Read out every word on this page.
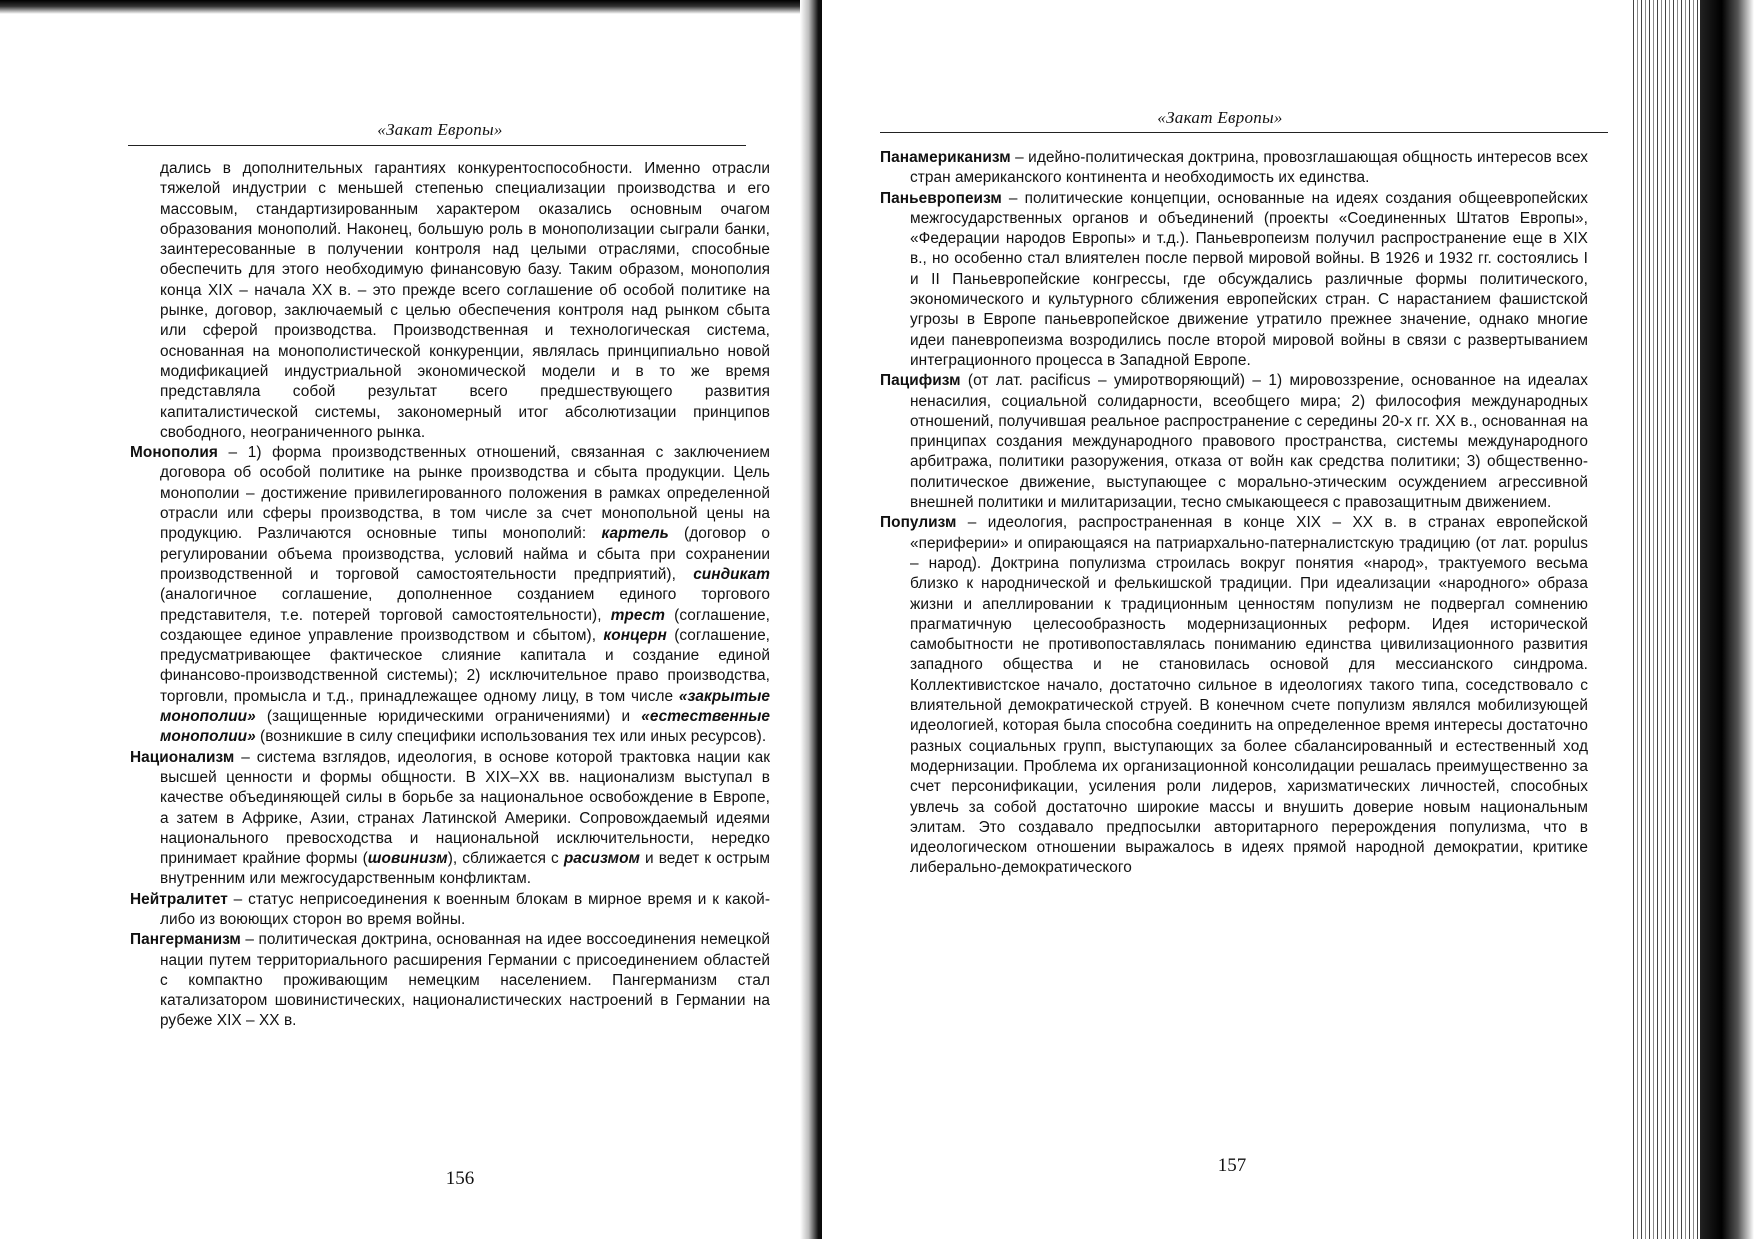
«Закат Европы»

дались в дополнительных гарантиях конкурентоспособности. Именно отрасли тяжелой индустрии с меньшей степенью специализации производства и его массовым, стандартизированным характером оказались основным очагом образования монополий. Наконец, большую роль в монополизации сыграли банки, заинтересованные в получении контроля над целыми отраслями, способные обеспечить для этого необходимую финансовую базу. Таким образом, монополия конца XIX – начала XX в. – это прежде всего соглашение об особой политике на рынке, договор, заключаемый с целью обеспечения контроля над рынком сбыта или сферой производства. Производственная и технологическая система, основанная на монополистической конкуренции, являлась принципиально новой модификацией индустриальной экономической модели и в то же время представляла собой результат всего предшествующего развития капиталистической системы, закономерный итог абсолютизации принципов свободного, неограниченного рынка.

Монополия – 1) форма производственных отношений, связанная с заключением договора об особой политике на рынке производства и сбыта продукции. Цель монополии – достижение привилегированного положения в рамках определенной отрасли или сферы производства, в том числе за счет монопольной цены на продукцию. Различаются основные типы монополий: картель (договор о регулировании объема производства, условий найма и сбыта при сохранении производственной и торговой самостоятельности предприятий), синдикат (аналогичное соглашение, дополненное созданием единого торгового представителя, т.е. потерей торговой самостоятельности), трест (соглашение, создающее единое управление производством и сбытом), концерн (соглашение, предусматривающее фактическое слияние капитала и создание единой финансово-производственной системы); 2) исключительное право производства, торговли, промысла и т.д., принадлежащее одному лицу, в том числе «закрытые монополии» (защищенные юридическими ограничениями) и «естественные монополии» (возникшие в силу специфики использования тех или иных ресурсов).

Национализм – система взглядов, идеология, в основе которой трактовка нации как высшей ценности и формы общности. В XIX–XX вв. национализм выступал в качестве объединяющей силы в борьбе за национальное освобождение в Европе, а затем в Африке, Азии, странах Латинской Америки. Сопровождаемый идеями национального превосходства и национальной исключительности, нередко принимает крайние формы (шовинизм), сближается с расизмом и ведет к острым внутренним или межгосударственным конфликтам.

Нейтралитет – статус неприсоединения к военным блокам в мирное время и к какой-либо из воюющих сторон во время войны.

Пангерманизм – политическая доктрина, основанная на идее воссоединения немецкой нации путем территориального расширения Германии с присоединением областей с компактно проживающим немецким населением. Пангерманизм стал катализатором шовинистических, националистических настроений в Германии на рубеже XIX – XX в.

156
«Закат Европы»

Панамериканизм – идейно-политическая доктрина, провозглашающая общность интересов всех стран американского континента и необходимость их единства.

Паньевропеизм – политические концепции, основанные на идеях создания общеевропейских межгосударственных органов и объединений (проекты «Соединенных Штатов Европы», «Федерации народов Европы» и т.д.). Паньевропеизм получил распространение еще в XIX в., но особенно стал влиятелен после первой мировой войны. В 1926 и 1932 гг. состоялись I и II Паньевропейские конгрессы, где обсуждались различные формы политического, экономического и культурного сближения европейских стран. С нарастанием фашистской угрозы в Европе паньевропейское движение утратило прежнее значение, однако многие идеи паневропеизма возродились после второй мировой войны в связи с развертыванием интеграционного процесса в Западной Европе.

Пацифизм (от лат. pacificus – умиротворяющий) – 1) мировоззрение, основанное на идеалах ненасилия, социальной солидарности, всеобщего мира; 2) философия международных отношений, получившая реальное распространение с середины 20-х гг. XX в., основанная на принципах создания международного правового пространства, системы международного арбитража, политики разоружения, отказа от войн как средства политики; 3) общественно-политическое движение, выступающее с морально-этическим осуждением агрессивной внешней политики и милитаризации, тесно смыкающееся с правозащитным движением.

Популизм – идеология, распространенная в конце XIX – XX в. в странах европейской «периферии» и опирающаяся на патриархально-патерналистскую традицию (от лат. populus – народ). Доктрина популизма строилась вокруг понятия «народ», трактуемого весьма близко к народнической и фелькишской традиции. При идеализации «народного» образа жизни и апеллировании к традиционным ценностям популизм не подвергал сомнению прагматичную целесообразность модернизационных реформ. Идея исторической самобытности не противопоставлялась пониманию единства цивилизационного развития западного общества и не становилась основой для мессианского синдрома. Коллективистское начало, достаточно сильное в идеологиях такого типа, соседствовало с влиятельной демократической струей. В конечном счете популизм являлся мобилизующей идеологией, которая была способна соединить на определенное время интересы достаточно разных социальных групп, выступающих за более сбалансированный и естественный ход модернизации. Проблема их организационной консолидации решалась преимущественно за счет персонификации, усиления роли лидеров, харизматических личностей, способных увлечь за собой достаточно широкие массы и внушить доверие новым национальным элитам. Это создавало предпосылки авторитарного перерождения популизма, что в идеологическом отношении выражалось в идеях прямой народной демократии, критике либерально-демократического

157
